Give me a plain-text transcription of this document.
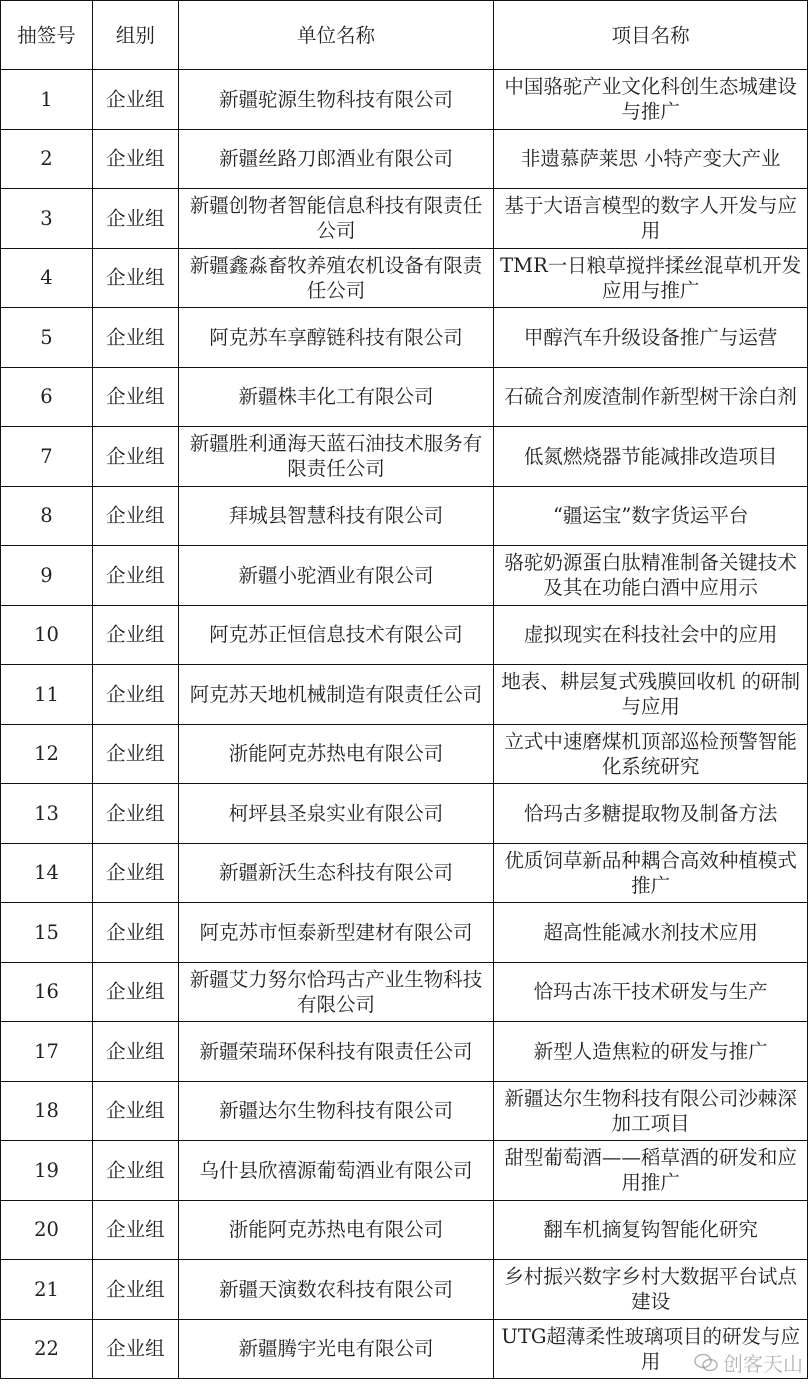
抽签号	组别	单位名称	项目名称
1	企业组	新疆驼源生物科技有限公司	中国骆驼产业文化科创生态城建设与推广
2	企业组	新疆丝路刀郎酒业有限公司	非遗慕萨莱思 小特产变大产业
3	企业组	新疆创物者智能信息科技有限责任公司	基于大语言模型的数字人开发与应用
4	企业组	新疆鑫淼畜牧养殖农机设备有限责任公司	TMR一日粮草搅拌揉丝混草机开发应用与推广
5	企业组	阿克苏车享醇链科技有限公司	甲醇汽车升级设备推广与运营
6	企业组	新疆株丰化工有限公司	石硫合剂废渣制作新型树干涂白剂
7	企业组	新疆胜利通海天蓝石油技术服务有限责任公司	低氮燃烧器节能减排改造项目
8	企业组	拜城县智慧科技有限公司	“疆运宝”数字货运平台
9	企业组	新疆小驼酒业有限公司	骆驼奶源蛋白肽精准制备关键技术及其在功能白酒中应用示
10	企业组	阿克苏正恒信息技术有限公司	虚拟现实在科技社会中的应用
11	企业组	阿克苏天地机械制造有限责任公司	地表、耕层复式残膜回收机 的研制与应用
12	企业组	浙能阿克苏热电有限公司	立式中速磨煤机顶部巡检预警智能化系统研究
13	企业组	柯坪县圣泉实业有限公司	恰玛古多糖提取物及制备方法
14	企业组	新疆新沃生态科技有限公司	优质饲草新品种耦合高效种植模式推广
15	企业组	阿克苏市恒泰新型建材有限公司	超高性能减水剂技术应用
16	企业组	新疆艾力努尔恰玛古产业生物科技有限公司	恰玛古冻干技术研发与生产
17	企业组	新疆荣瑞环保科技有限责任公司	新型人造焦粒的研发与推广
18	企业组	新疆达尔生物科技有限公司	新疆达尔生物科技有限公司沙棘深加工项目
19	企业组	乌什县欣禧源葡萄酒业有限公司	甜型葡萄酒——稻草酒的研发和应用推广
20	企业组	浙能阿克苏热电有限公司	翻车机摘复钩智能化研究
21	企业组	新疆天演数农科技有限公司	乡村振兴数字乡村大数据平台试点建设
22	企业组	新疆腾宇光电有限公司	UTG超薄柔性玻璃项目的研发与应用	创客天山
